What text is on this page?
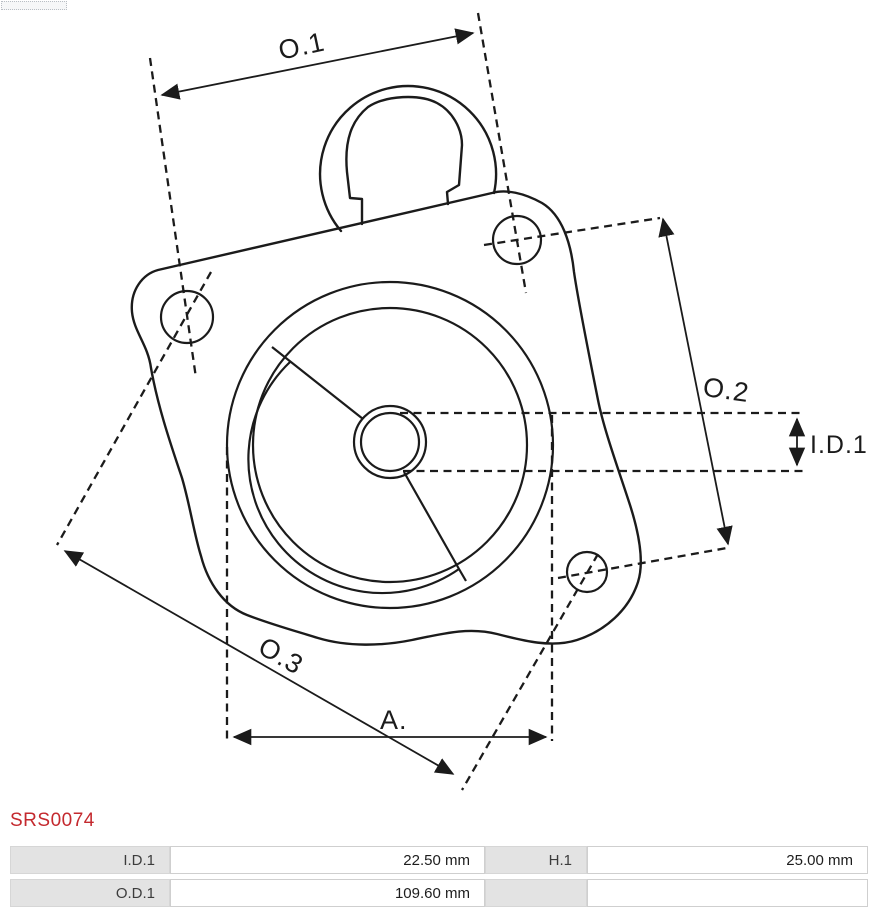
O.1
O.2
O.3
I.D.1
A.
SRS0074
I.D.1	22.50 mm	H.1	25.00 mm
O.D.1	109.60 mm		
